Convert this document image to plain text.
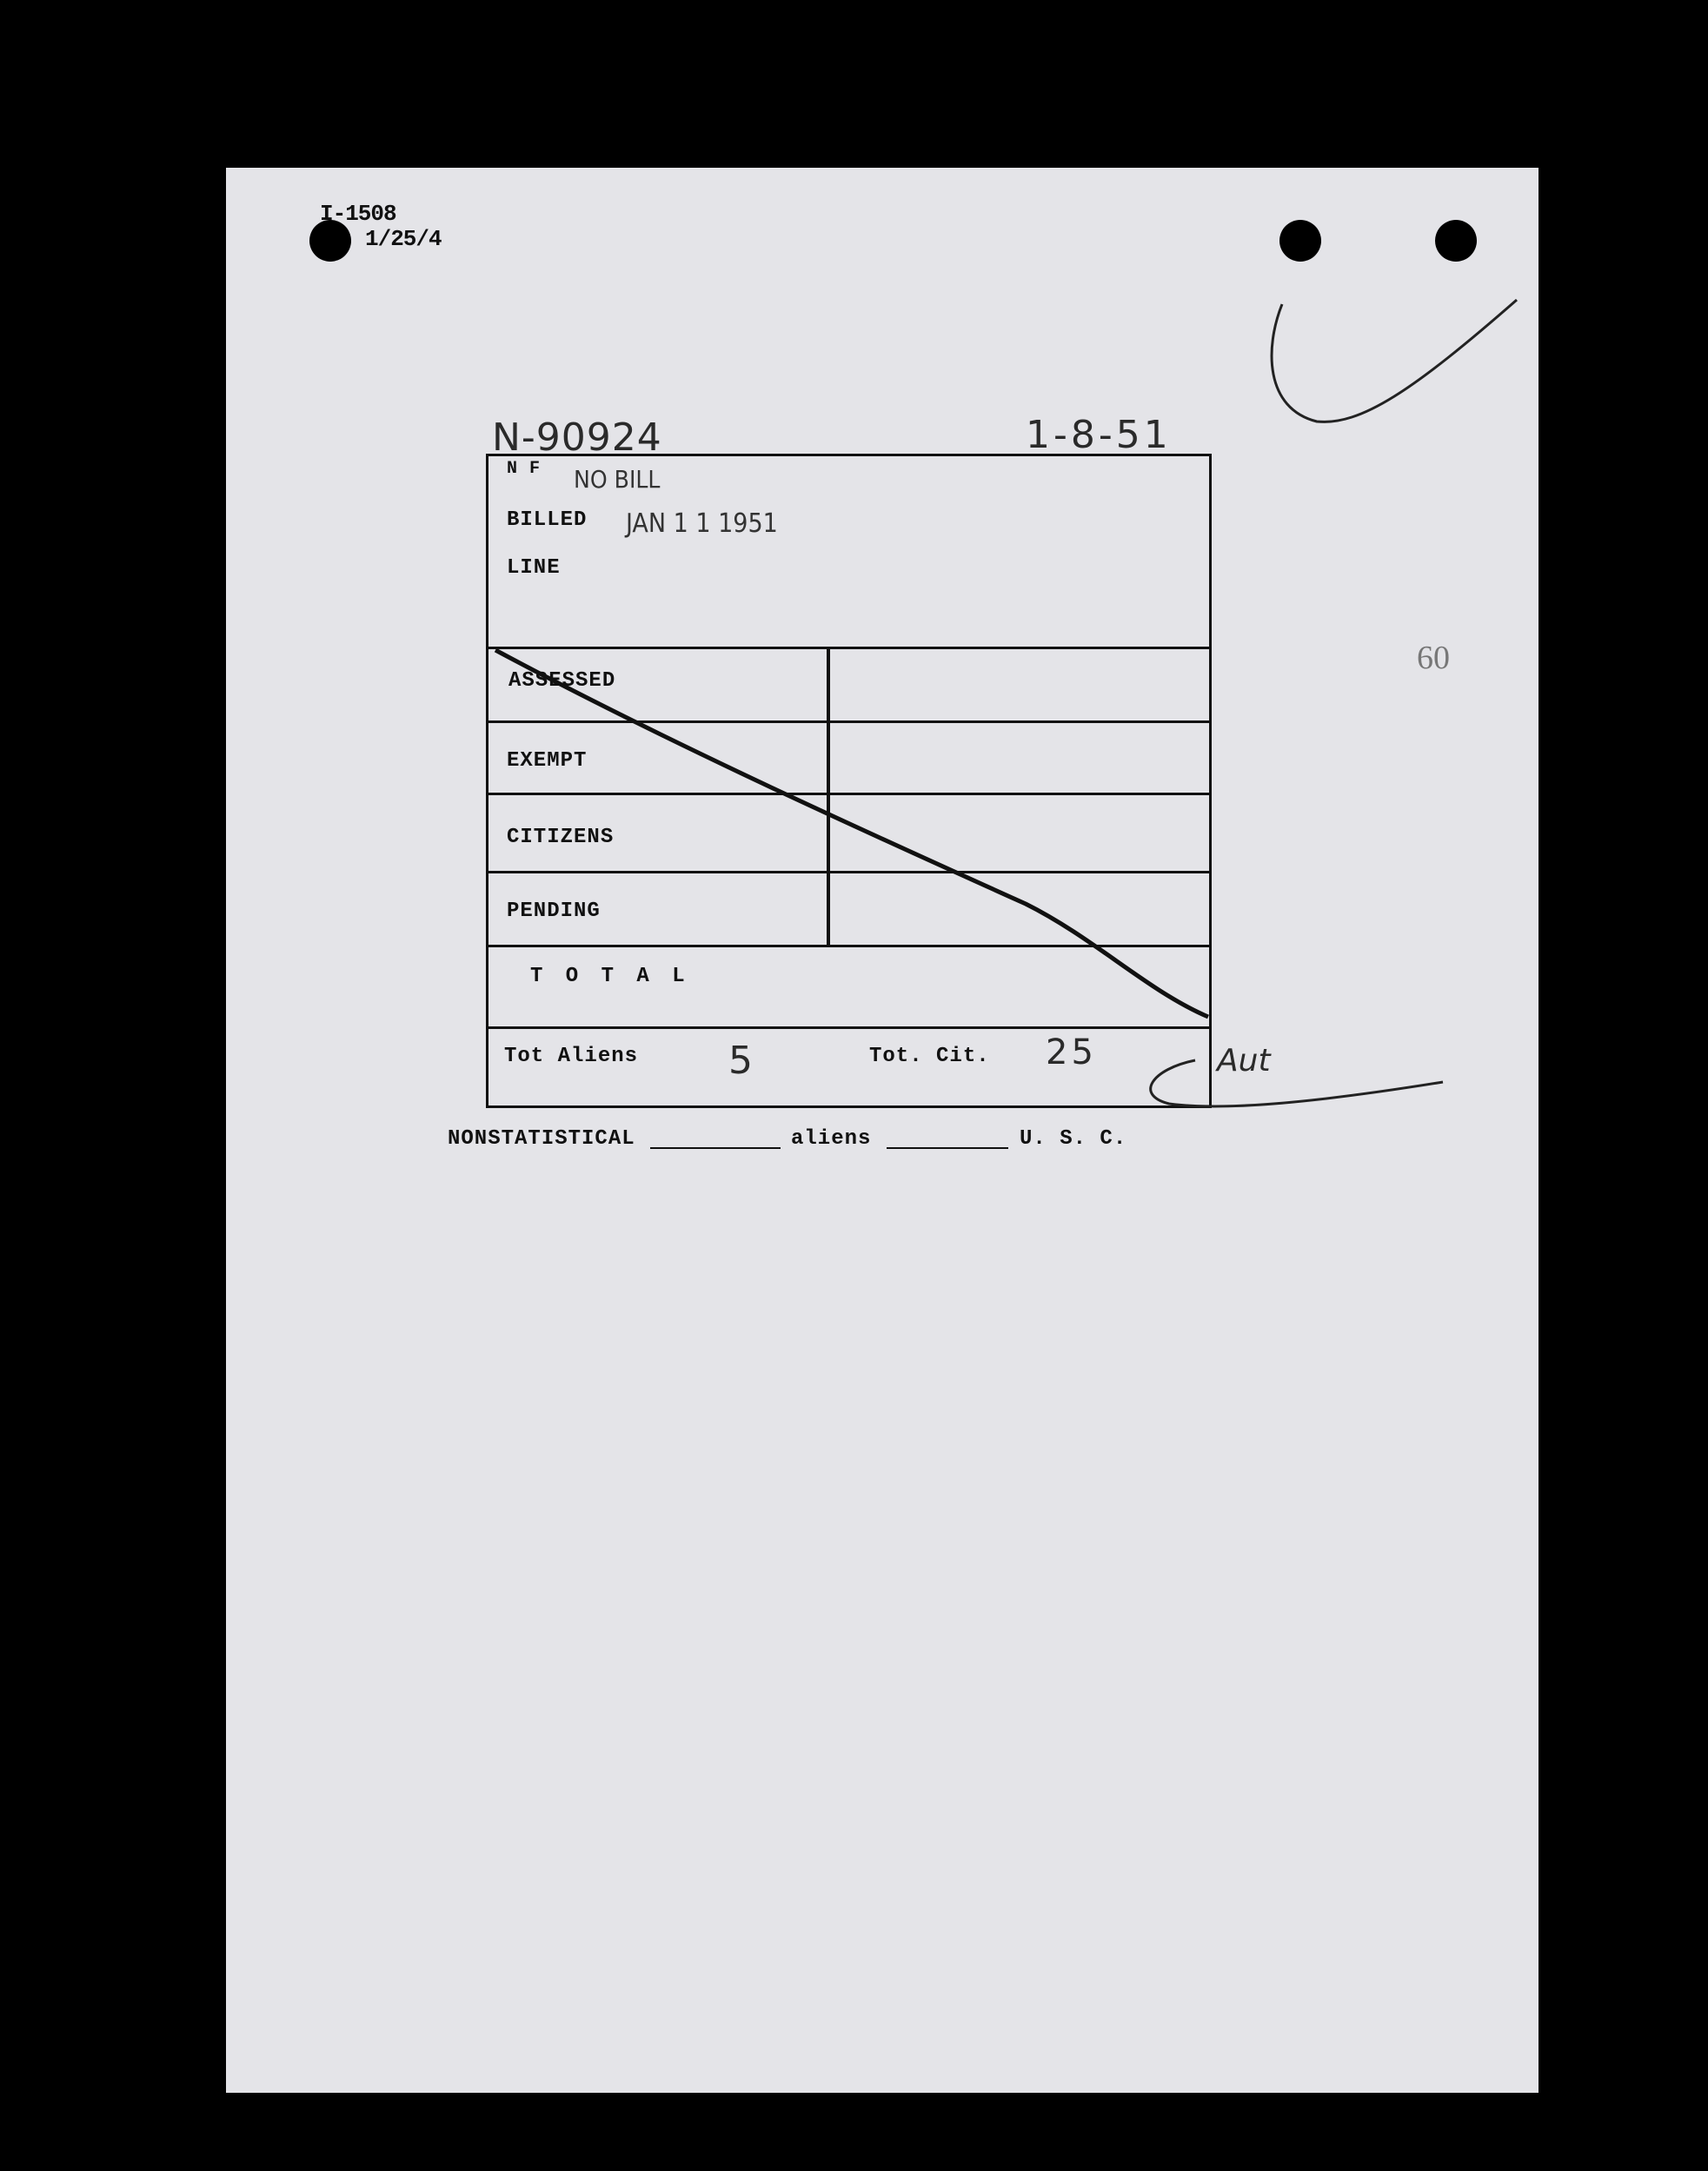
I-1508
1/25/4
N-90924	1-8-51
N F NO BILL
BILLED JAN 1 1 1951
LINE
ASSESSED
EXEMPT
CITIZENS
PENDING
T O T A L
Tot Aliens 5	Tot. Cit. 25	Aut
NONSTATISTICAL	aliens	U. S. C.
60
